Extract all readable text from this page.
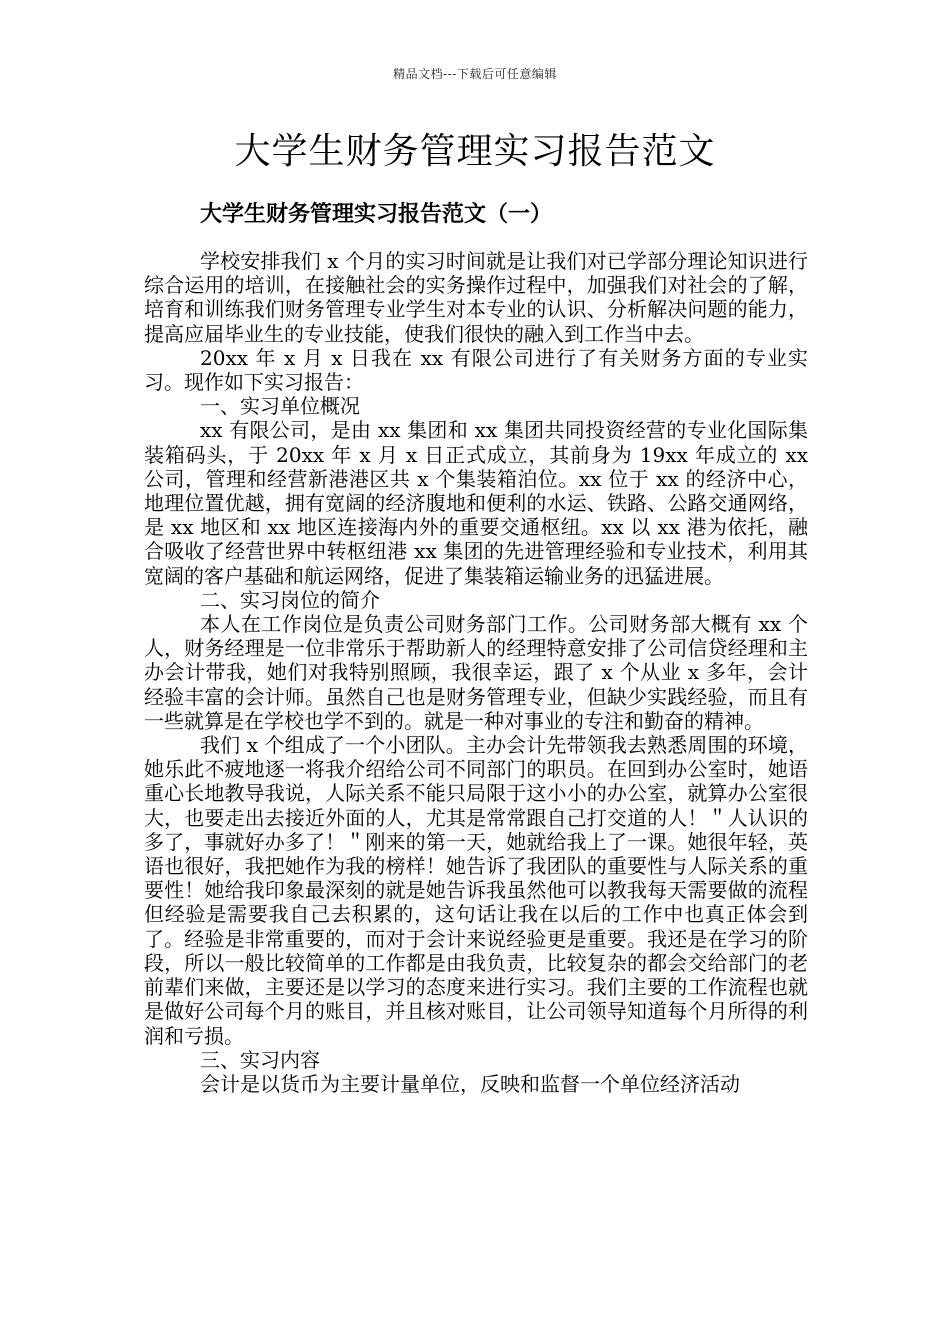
精品文档---下载后可任意编辑
大学生财务管理实习报告范文
大学生财务管理实习报告范文（一）

学校安排我们 x 个月的实习时间就是让我们对已学部分理论知识进行综合运用的培训，在接触社会的实务操作过程中，加强我们对社会的了解，培育和训练我们财务管理专业学生对本专业的认识、分析解决问题的能力，提高应届毕业生的专业技能，使我们很快的融入到工作当中去。

20xx 年 x 月 x 日我在 xx 有限公司进行了有关财务方面的专业实习。现作如下实习报告：

一、实习单位概况

xx 有限公司，是由 xx 集团和 xx 集团共同投资经营的专业化国际集装箱码头，于 20xx 年 x 月 x 日正式成立，其前身为 19xx 年成立的 xx 公司，管理和经营新港港区共 x 个集装箱泊位。xx 位于 xx 的经济中心，地理位置优越，拥有宽阔的经济腹地和便利的水运、铁路、公路交通网络，是 xx 地区和 xx 地区连接海内外的重要交通枢纽。xx 以 xx 港为依托，融合吸收了经营世界中转枢纽港 xx 集团的先进管理经验和专业技术，利用其宽阔的客户基础和航运网络，促进了集装箱运输业务的迅猛进展。

二、实习岗位的简介

本人在工作岗位是负责公司财务部门工作。公司财务部大概有 xx 个人，财务经理是一位非常乐于帮助新人的经理特意安排了公司信贷经理和主办会计带我，她们对我特别照顾，我很幸运，跟了 x 个从业 x 多年，会计经验丰富的会计师。虽然自己也是财务管理专业，但缺少实践经验，而且有一些就算是在学校也学不到的。就是一种对事业的专注和勤奋的精神。

我们 x 个组成了一个小团队。主办会计先带领我去熟悉周围的环境，她乐此不疲地逐一将我介绍给公司不同部门的职员。在回到办公室时，她语重心长地教导我说，人际关系不能只局限于这小小的办公室，就算办公室很大，也要走出去接近外面的人，尤其是常常跟自己打交道的人！＂人认识的多了，事就好办多了！＂刚来的第一天，她就给我上了一课。她很年轻，英语也很好，我把她作为我的榜样！她告诉了我团队的重要性与人际关系的重要性！她给我印象最深刻的就是她告诉我虽然他可以教我每天需要做的流程但经验是需要我自己去积累的，这句话让我在以后的工作中也真正体会到了。经验是非常重要的，而对于会计来说经验更是重要。我还是在学习的阶段，所以一般比较简单的工作都是由我负责，比较复杂的都会交给部门的老前辈们来做，主要还是以学习的态度来进行实习。我们主要的工作流程也就是做好公司每个月的账目，并且核对账目，让公司领导知道每个月所得的利润和亏损。

三、实习内容

会计是以货币为主要计量单位，反映和监督一个单位经济活动
